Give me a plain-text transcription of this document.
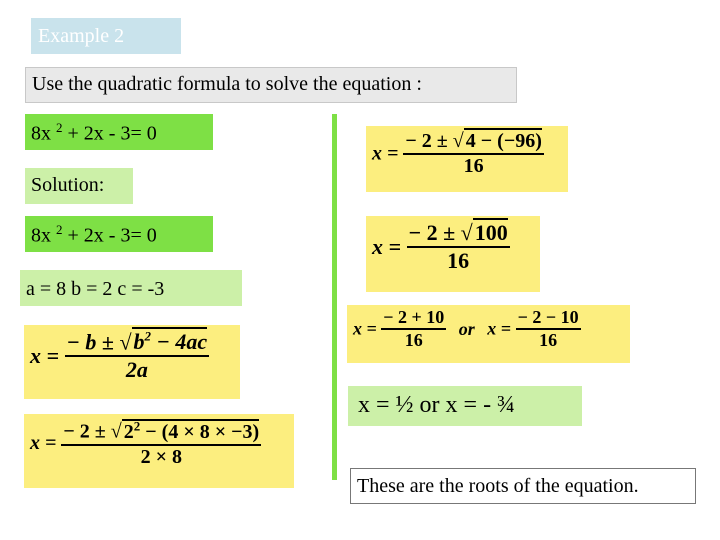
Example 2
Use the quadratic formula to solve the equation :
8x $^2$ + 2x - 3= 0
Solution:
8x $^2$ + 2x - 3= 0
a = 8 b = 2 c = -3
$x = \frac{- b \pm √b^2 - 4ac}{2a}$
$x = \frac{- 2 \pm √ 2^2 - (4 \times 8 \times -3)}{2 \times 8}$
$x = \frac{- 2 \pm √ 4 - (-96)}{16}$
$x = \frac{- 2 \pm √100}{16}$
$x = \frac{- 2 + 10}{16}$ or $x = \frac{- 2 - 10}{16}$
x = ½ or x = - ¾
These are the roots of the equation.
